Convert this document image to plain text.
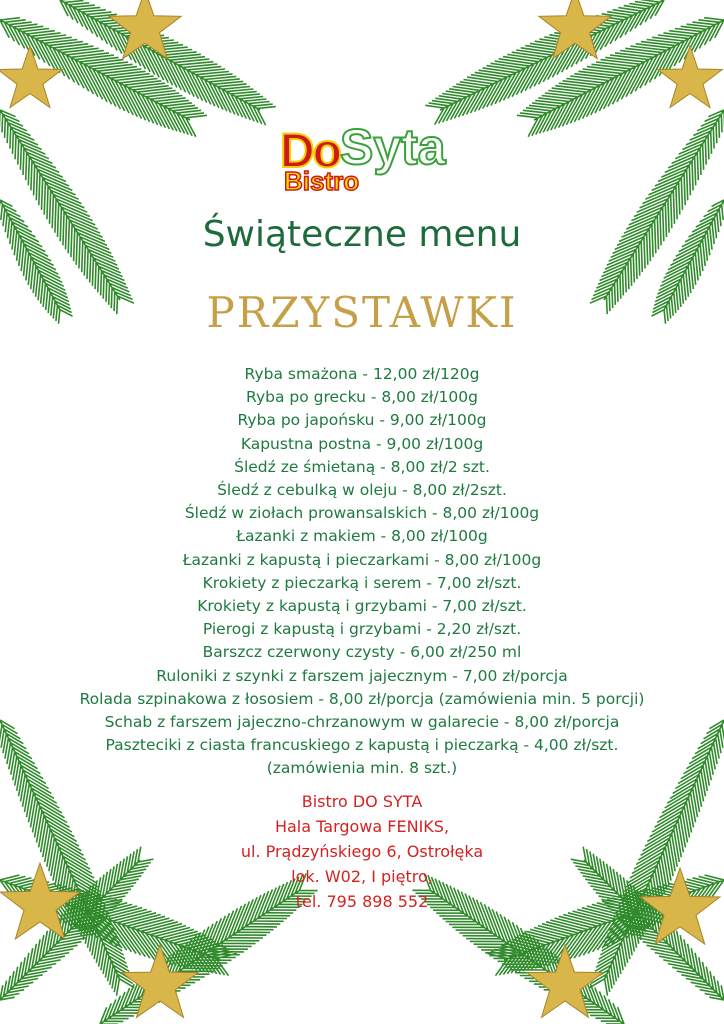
Do Syta
Bistro
Świąteczne menu
PRZYSTAWKI
Ryba smażona - 12,00 zł/120g
Ryba po grecku - 8,00 zł/100g
Ryba po japońsku - 9,00 zł/100g
Kapustna postna - 9,00 zł/100g
Śledź ze śmietaną - 8,00 zł/2 szt.
Śledź z cebulką w oleju - 8,00 zł/2szt.
Śledź w ziołach prowansalskich - 8,00 zł/100g
Łazanki z makiem - 8,00 zł/100g
Łazanki z kapustą i pieczarkami - 8,00 zł/100g
Krokiety z pieczarką i serem - 7,00 zł/szt.
Krokiety z kapustą i grzybami - 7,00 zł/szt.
Pierogi z kapustą i grzybami - 2,20 zł/szt.
Barszcz czerwony czysty - 6,00 zł/250 ml
Ruloniki z szynki z farszem jajecznym - 7,00 zł/porcja
Rolada szpinakowa z łososiem - 8,00 zł/porcja (zamówienia min. 5 porcji)
Schab z farszem jajeczno-chrzanowym w galarecie - 8,00 zł/porcja
Paszteciki z ciasta francuskiego z kapustą i pieczarką - 4,00 zł/szt.
(zamówienia min. 8 szt.)
Bistro DO SYTA
Hala Targowa FENIKS,
ul. Prądzyńskiego 6, Ostrołęka
lok. W02, I piętro,
tel. 795 898 552
